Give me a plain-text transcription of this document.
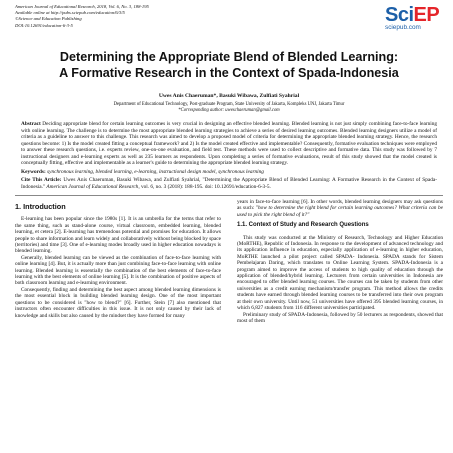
American Journal of Educational Research, 2018, Vol. 6, No. 3, 188-195
Available online at http://pubs.sciepub.com/education/6/3/5
©Science and Education Publishing
DOI:10.12691/education-6-3-5	SciEP
sciepub.com
Determining the Appropriate Blend of Blended Learning:
A Formative Research in the Context of Spada-Indonesia
Uwes Anis Chaeruman*, Basuki Wibawa, Zulfiati Syahrial
Department of Educational Technology, Post-graduate Program, State University of Jakarta, Kompleks UNJ, Jakarta Timur
*Corresponding author: uweschaeruman@gmail.com
Abstract Deciding appropriate blend for certain learning outcomes is very crucial in designing an effective blended learning. Blended learning is not just simply combining face-to-face learning with online learning. The challenge is to determine the most appropriate blended learning strategies to achieve a series of desired learning outcomes. Blended learning designers utilize a model of criteria as a guideline to answer to this challenge. This research was aimed to develop a proposed model of criteria for determining the appropriate blended learning strategy. Hence, the research questions become: 1) Is the model created fitting a conceptual framework? and 2) Is the model created effective and implementable? Consequently, formative evaluation techniques were employed to answer these research questions, i.e. experts review, one-on-one evaluation, and field test. These methods were used to collect descriptive and formative data. This study was followed by 7 instructional designers and e-learning experts as well as 235 learners as respondents. Upon completing a series of formative evaluations, result of this study showed that the model created is conceptually fitting, effective and implementable as a learner's guide to determining the appropriate blended learning strategy.
Keywords: synchronous learning, blended learning, e-learning, instructional design model, synchronous learning
Cite This Article: Uwes Anis Chaeruman, Basuki Wibawa, and Zulfiati Syahrial, "Determining the Appropriate Blend of Blended Learning: A Formative Research in the Context of Spada-Indonesia." American Journal of Educational Research, vol. 6, no. 3 (2018): 188-195. doi: 10.12691/education-6-3-5.
1. Introduction

E-learning has been popular since the 1980s [1]. It is an umbrella for the terms that refer to the same thing, such as stand-alone course, virtual classroom, embedded learning, blended learning, et cetera [2]. E-learning has tremendous potential and promises for education. It allows people to share information and learn widely and collaboratively without being blocked by space (territories) and time [3]. One of e-learning modes broadly used in higher education nowadays is blended learning.

Generally, blended learning can be viewed as the combination of face-to-face learning with online learning [4]. But, it is actually more than just combining face-to-face learning with online learning. Blended learning is essentially the combination of the best elements of face-to-face learning with the best elements of online learning [5]. It is the combination of positive aspects of both classroom learning and e-learning environment.

Consequently, finding and determining the best aspect among blended learning dimensions is the most essential block in building blended learning design. One of the most important questions to be considered is "how to blend?" [6]. Further, Stein [7] also mentioned that instructors often encounter difficulties in this issue. It is not only caused by their lack of knowledge and skills but also caused by the mindset they have formed for many

years in face-to-face learning [6]. In other words, blended learning designers may ask questions as such: "how to determine the right blend for certain learning outcomes? What criteria can be used to pick the right blend of it?"

1.1. Context of Study and Research Questions

This study was conducted at the Ministry of Research, Technology and Higher Education (MoRTHE), Republic of Indonesia. In response to the development of advanced technology and its application influence in education, especially application of e-learning in higher education, MoRTHE launched a pilot project called SPADA- Indonesia. SPADA stands for Sistem Pembelajaran Daring, which translates to Online Learning System. SPADA-Indonesia is a program aimed to improve the access of students to high quality of education through the application of blended/hybrid learning. Lecturers from certain universities in Indonesia are encouraged to offer blended learning courses. The courses can be taken by students from other universities as a credit earning mechanism/transfer program. This method allows the credits students have earned through blended learning courses to be transferred into their own program at their own university. Until now, 51 universities have offered 395 blended learning courses, in which 6,827 students from 116 different universities participated.

Preliminary study of SPADA-Indonesia, followed by 50 lecturers as respondents, showed that most of them
